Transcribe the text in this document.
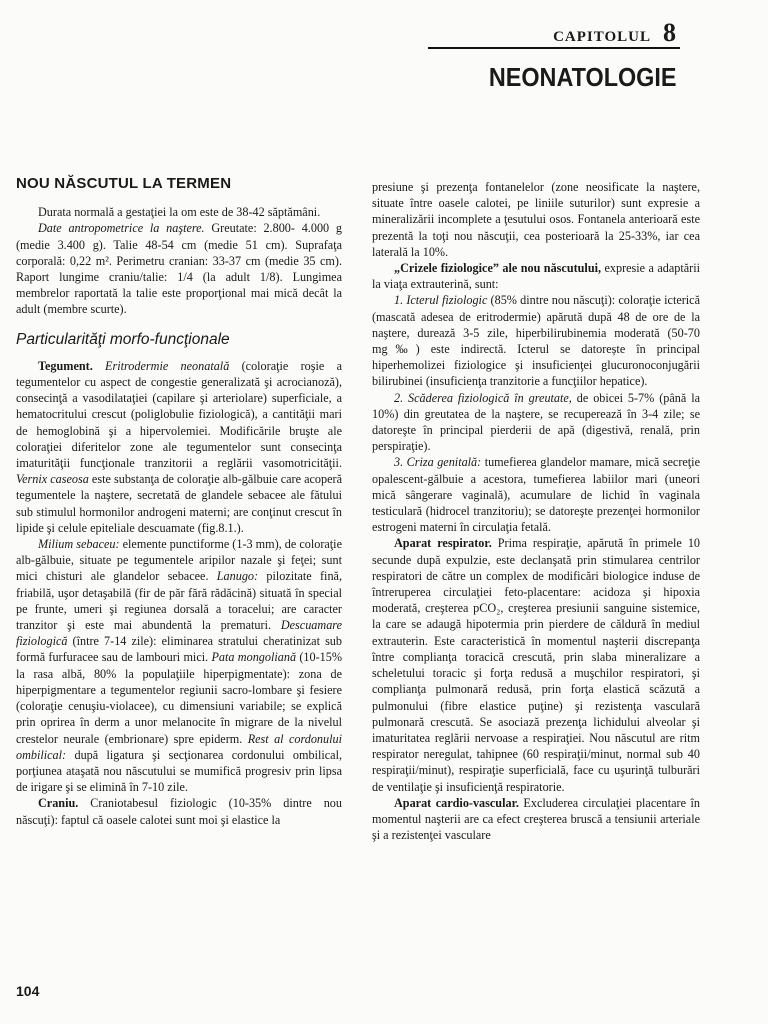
CAPITOLUL 8
NEONATOLOGIE
NOU NĂSCUTUL LA TERMEN

Durata normală a gestaţiei la om este de 38-42 săptămâni.

Date antropometrice la naştere. Greutate: 2.800- 4.000 g (medie 3.400 g). Talie 48-54 cm (medie 51 cm). Suprafaţa corporală: 0,22 m². Perimetru cranian: 33-37 cm (medie 35 cm). Raport lungime craniu/talie: 1/4 (la adult 1/8). Lungimea membrelor raportată la talie este proporţional mai mică decât la adult (membre scurte).

Particularităţi morfo-funcţionale

Tegument. Eritrodermie neonatală (coloraţie roşie a tegumentelor cu aspect de congestie generalizată şi acrocianoză), consecinţă a vasodilataţiei (capilare şi arteriolare) superficiale, a hematocritului crescut (poliglobulie fiziologică), a cantităţii mari de hemoglobină şi a hipervolemiei. Modificările bruşte ale coloraţiei diferitelor zone ale tegumentelor sunt consecinţa imaturităţii funcţionale tranzitorii a reglării vasomotricităţii. Vernix caseosa este substanţa de coloraţie alb-gălbuie care acoperă tegumentele la naştere, secretată de glandele sebacee ale fătului sub stimulul hormonilor androgeni materni; are conţinut crescut în lipide şi celule epiteliale descuamate (fig.8.1.).

Milium sebaceu: elemente punctiforme (1-3 mm), de coloraţie alb-gălbuie, situate pe tegumentele aripilor nazale şi feţei; sunt mici chisturi ale glandelor sebacee. Lanugo: pilozitate fină, friabilă, uşor detaşabilă (fir de păr fără rădăcină) situată în special pe frunte, umeri şi regiunea dorsală a toracelui; are caracter tranzitor şi este mai abundentă la prematuri. Descuamare fiziologică (între 7-14 zile): eliminarea stratului cheratinizat sub formă furfuracee sau de lambouri mici. Pata mongoliană (10-15% la rasa albă, 80% la populaţiile hiperpigmentate): zona de hiperpigmentare a tegumentelor regiunii sacro-lombare şi fesiere (coloraţie cenuşiu-violacee), cu dimensiuni variabile; se explică prin oprirea în derm a unor melanocite în migrare de la nivelul crestelor neurale (embrionare) spre epiderm. Rest al cordonului ombilical: după ligatura şi secţionarea cordonului ombilical, porţiunea ataşată nou născutului se mumifică progresiv prin lipsa de irigare şi se elimină în 7-10 zile.

Craniu. Craniotabesul fiziologic (10-35% dintre nou născuţi): faptul că oasele calotei sunt moi şi elastice la

presiune şi prezenţa fontanelelor (zone neosificate la naştere, situate între oasele calotei, pe liniile suturilor) sunt expresie a mineralizării incomplete a ţesutului osos. Fontanela anterioară este prezentă la toţi nou născuţii, cea posterioară la 25-33%, iar cea laterală la 10%.

„Crizele fiziologice” ale nou născutului, expresie a adaptării la viaţa extrauterină, sunt:

1. Icterul fiziologic (85% dintre nou născuţi): coloraţie icterică (mascată adesea de eritrodermie) apărută după 48 de ore de la naştere, durează 3-5 zile, hiperbilirubinemia moderată (50-70 mg‰) este indirectă. Icterul se datorește în principal hiperhemolizei fiziologice şi insuficienţei glucuronoconjugării bilirubinei (insuficienţa tranzitorie a funcţiilor hepatice).

2. Scăderea fiziologică în greutate, de obicei 5-7% (până la 10%) din greutatea de la naştere, se recuperează în 3-4 zile; se datoreşte în principal pierderii de apă (digestivă, renală, prin perspiraţie).

3. Criza genitală: tumefierea glandelor mamare, mică secreţie opalescent-gălbuie a acestora, tumefierea labiilor mari (uneori mică sângerare vaginală), acumulare de lichid în vaginala testiculară (hidrocel tranzitoriu); se datoreşte prezenţei hormonilor estrogeni materni în circulaţia fetală.

Aparat respirator. Prima respiraţie, apărută în primele 10 secunde după expulzie, este declanşată prin stimularea centrilor respiratori de către un complex de modificări biologice induse de întreruperea circulaţiei feto-placentare: acidoza şi hipoxia moderată, creşterea pCO₂, creşterea presiunii sanguine sistemice, la care se adaugă hipotermia prin pierdere de căldură în mediul extrauterin. Este caracteristică în momentul naşterii discrepanţa între complianţa toracică crescută, prin slaba mineralizare a scheletului toracic şi forţa redusă a muşchilor respiratori, şi complianţa pulmonară redusă, prin forţa elastică scăzută a pulmonului (fibre elastice puţine) şi rezistenţa vasculară pulmonară crescută. Se asociază prezenţa lichidului alveolar şi imaturitatea reglării nervoase a respiraţiei. Nou născutul are ritm respirator neregulat, tahipnee (60 respiraţii/minut, normal sub 40 respiraţii/minut), respiraţie superficială, face cu uşurinţă tulburări de ventilaţie şi insuficienţă respiratorie.

Aparat cardio-vascular. Excluderea circulaţiei placentare în momentul naşterii are ca efect creşterea bruscă a tensiunii arteriale şi a rezistenţei vasculare

104
